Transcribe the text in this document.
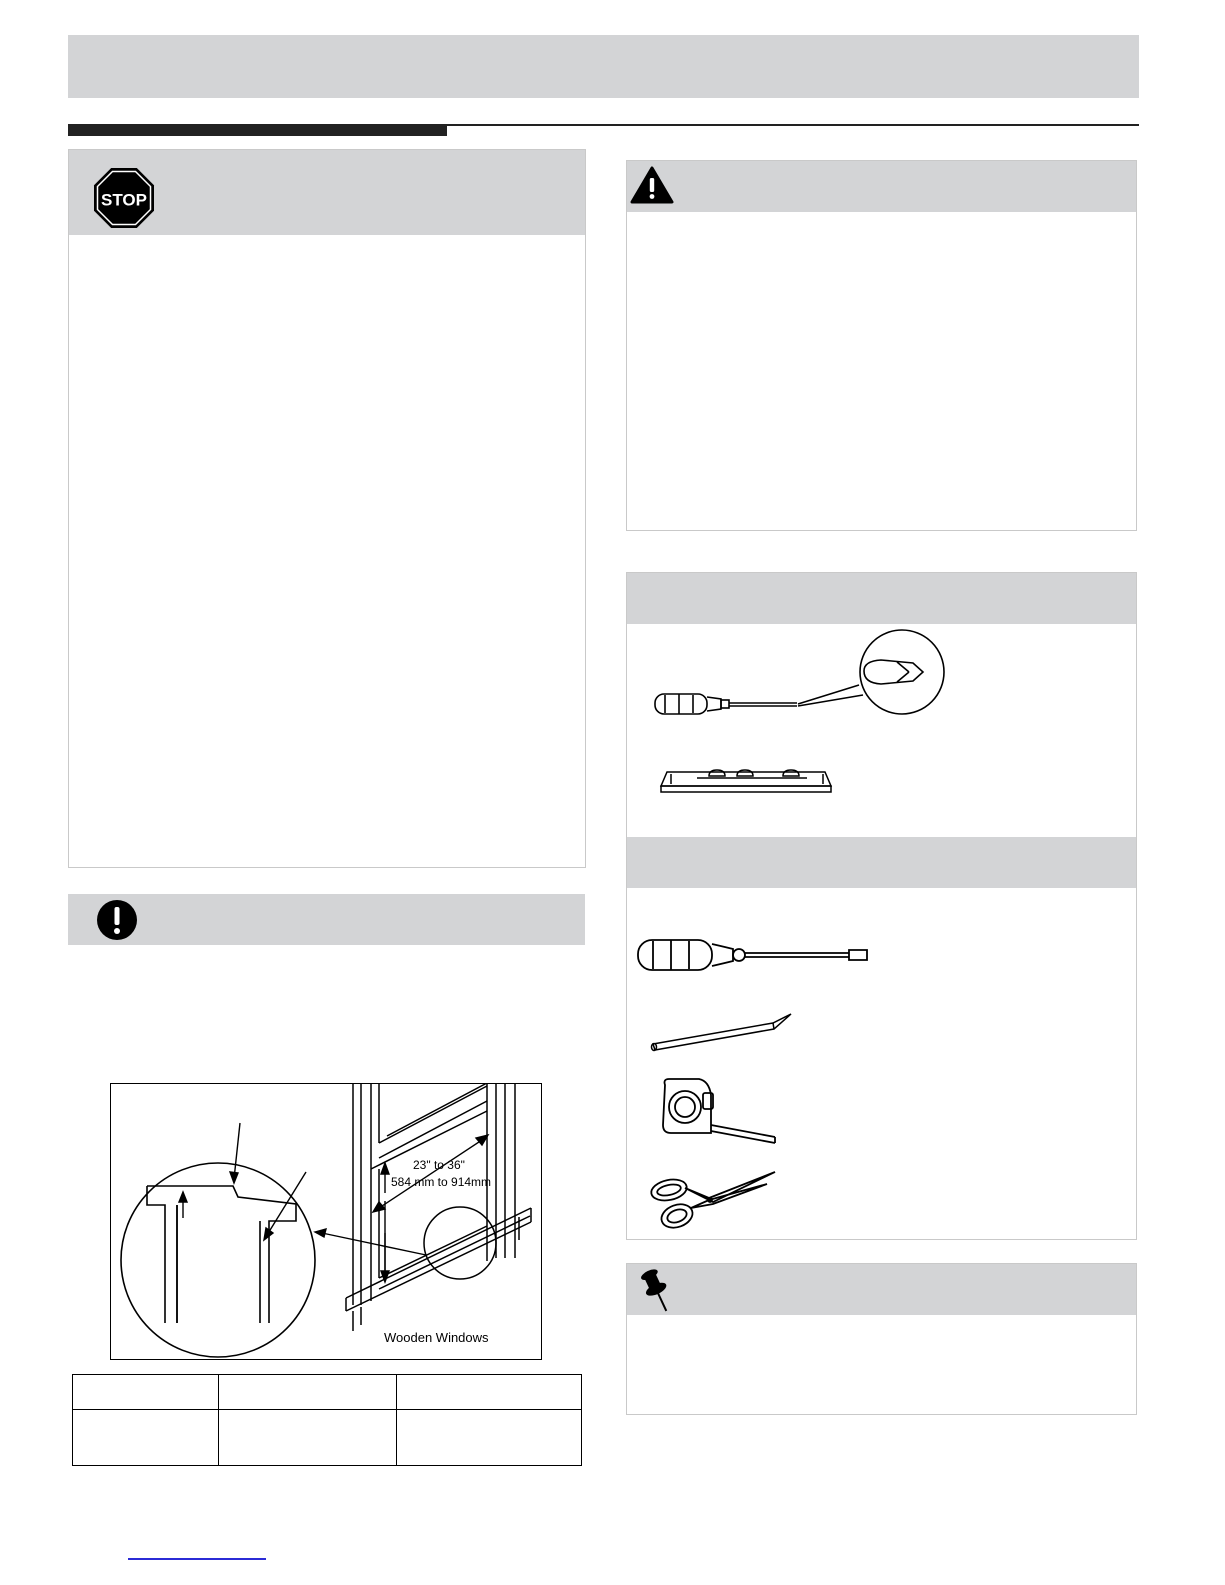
STOP
23" to 36"
584 mm to 914mm
Wooden Windows
